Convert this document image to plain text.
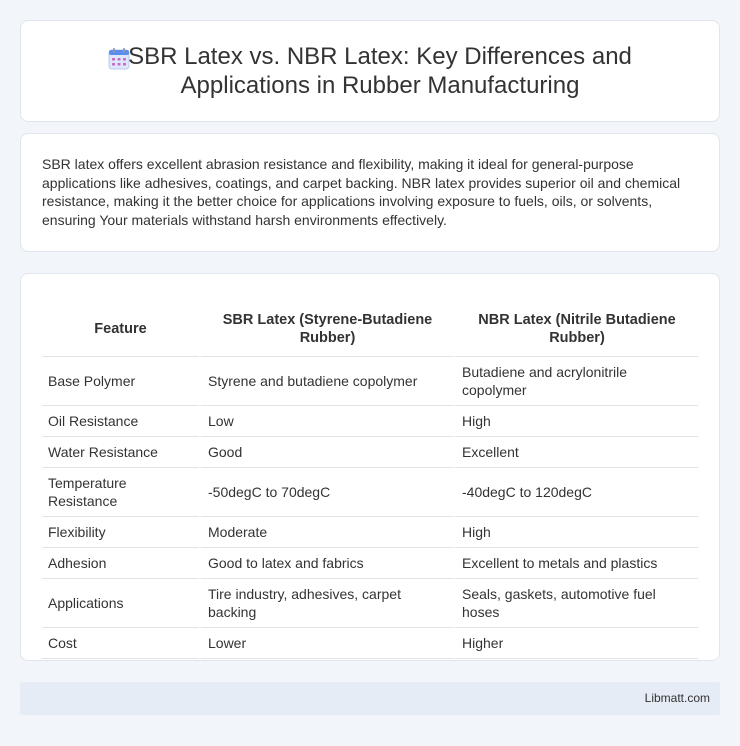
SBR Latex vs. NBR Latex: Key Differences and Applications in Rubber Manufacturing

SBR latex offers excellent abrasion resistance and flexibility, making it ideal for general-purpose applications like adhesives, coatings, and carpet backing. NBR latex provides superior oil and chemical resistance, making it the better choice for applications involving exposure to fuels, oils, or solvents, ensuring Your materials withstand harsh environments effectively.

Feature	SBR Latex (Styrene-Butadiene Rubber)	NBR Latex (Nitrile Butadiene Rubber)
Base Polymer	Styrene and butadiene copolymer	Butadiene and acrylonitrile copolymer
Oil Resistance	Low	High
Water Resistance	Good	Excellent
Temperature Resistance	-50degC to 70degC	-40degC to 120degC
Flexibility	Moderate	High
Adhesion	Good to latex and fabrics	Excellent to metals and plastics
Applications	Tire industry, adhesives, carpet backing	Seals, gaskets, automotive fuel hoses
Cost	Lower	Higher
Libmatt.com
